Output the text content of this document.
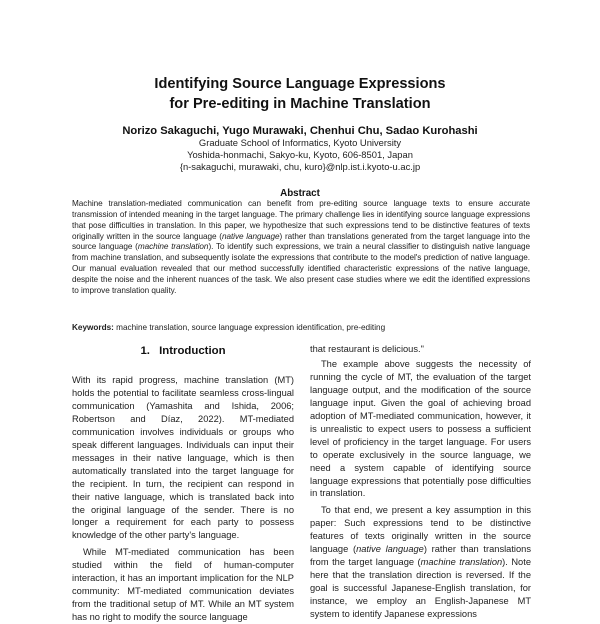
Identifying Source Language Expressions
for Pre-editing in Machine Translation
Norizo Sakaguchi, Yugo Murawaki, Chenhui Chu, Sadao Kurohashi
Graduate School of Informatics, Kyoto University
Yoshida-honmachi, Sakyo-ku, Kyoto, 606-8501, Japan
{n-sakaguchi, murawaki, chu, kuro}@nlp.ist.i.kyoto-u.ac.jp
Abstract
Machine translation-mediated communication can benefit from pre-editing source language texts to ensure accurate transmission of intended meaning in the target language. The primary challenge lies in identifying source language expressions that pose difficulties in translation. In this paper, we hypothesize that such expressions tend to be distinctive features of texts originally written in the source language (native language) rather than translations generated from the target language into the source language (machine translation). To identify such expressions, we train a neural classifier to distinguish native language from machine translation, and subsequently isolate the expressions that contribute to the model's prediction of native language. Our manual evaluation revealed that our method successfully identified characteristic expressions of the native language, despite the noise and the inherent nuances of the task. We also present case studies where we edit the identified expressions to improve translation quality.
Keywords: machine translation, source language expression identification, pre-editing
1. Introduction

With its rapid progress, machine translation (MT) holds the potential to facilitate seamless cross-lingual communication (Yamashita and Ishida, 2006; Robertson and Díaz, 2022). MT-mediated communication involves individuals or groups who speak different languages. Individuals can input their messages in their native language, which is then automatically translated into the target language for the recipient. In turn, the recipient can respond in their native language, which is translated back into the original language of the sender. There is no longer a requirement for each party to possess knowledge of the other party's language.

While MT-mediated communication has been studied within the field of human-computer interaction, it has an important implication for the NLP community: MT-mediated communication deviates from the traditional setup of MT. While an MT system has no right to modify the source language

that restaurant is delicious."

The example above suggests the necessity of running the cycle of MT, the evaluation of the target language output, and the modification of the source language input. Given the goal of achieving broad adoption of MT-mediated communication, however, it is unrealistic to expect users to possess a sufficient level of proficiency in the target language. For users to operate exclusively in the source language, we need a system capable of identifying source language expressions that potentially pose difficulties in translation.

To that end, we present a key assumption in this paper: Such expressions tend to be distinctive features of texts originally written in the source language (native language) rather than translations from the target language (machine translation). Note here that the translation direction is reversed. If the goal is successful Japanese-English translation, for instance, we employ an English-Japanese MT system to identify Japanese expressions
